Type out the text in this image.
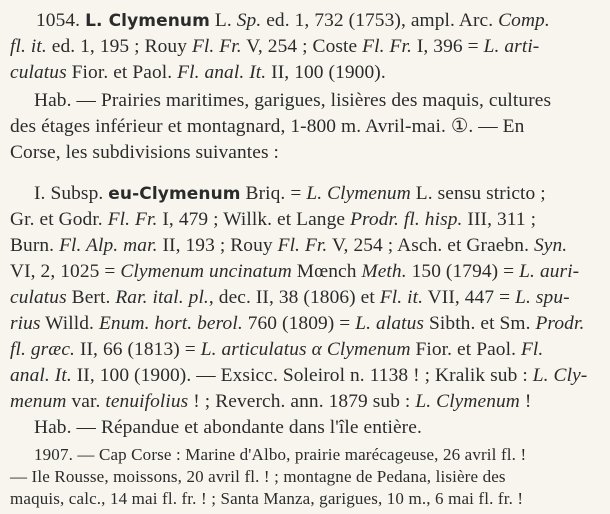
1054. L. Clymenum L. Sp. ed. 1, 732 (1753), ampl. Arc. Comp.
fl. it. ed. 1, 195 ; Rouy Fl. Fr. V, 254 ; Coste Fl. Fr. I, 396 = L. arti-
culatus Fior. et Paol. Fl. anal. It. II, 100 (1900).
Hab. — Prairies maritimes, garigues, lisières des maquis, cultures
des étages inférieur et montagnard, 1-800 m. Avril-mai. ①. — En
Corse, les subdivisions suivantes :
I. Subsp. eu-Clymenum Briq. = L. Clymenum L. sensu stricto ;
Gr. et Godr. Fl. Fr. I, 479 ; Willk. et Lange Prodr. fl. hisp. III, 311 ;
Burn. Fl. Alp. mar. II, 193 ; Rouy Fl. Fr. V, 254 ; Asch. et Graebn. Syn.
VI, 2, 1025 = Clymenum uncinatum Mœnch Meth. 150 (1794) = L. auri-
culatus Bert. Rar. ital. pl., dec. II, 38 (1806) et Fl. it. VII, 447 = L. spu-
rius Willd. Enum. hort. berol. 760 (1809) = L. alatus Sibth. et Sm. Prodr.
fl. græc. II, 66 (1813) = L. articulatus α Clymenum Fior. et Paol. Fl.
anal. It. II, 100 (1900). — Exsicc. Soleirol n. 1138 ! ; Kralik sub : L. Cly-
menum var. tenuifolius ! ; Reverch. ann. 1879 sub : L. Clymenum !
Hab. — Répandue et abondante dans l'île entière.
1907. — Cap Corse : Marine d'Albo, prairie marécageuse, 26 avril fl. !
— Ile Rousse, moissons, 20 avril fl. ! ; montagne de Pedana, lisière des
maquis, calc., 14 mai fl. fr. ! ; Santa Manza, garigues, 10 m., 6 mai fl. fr. !
